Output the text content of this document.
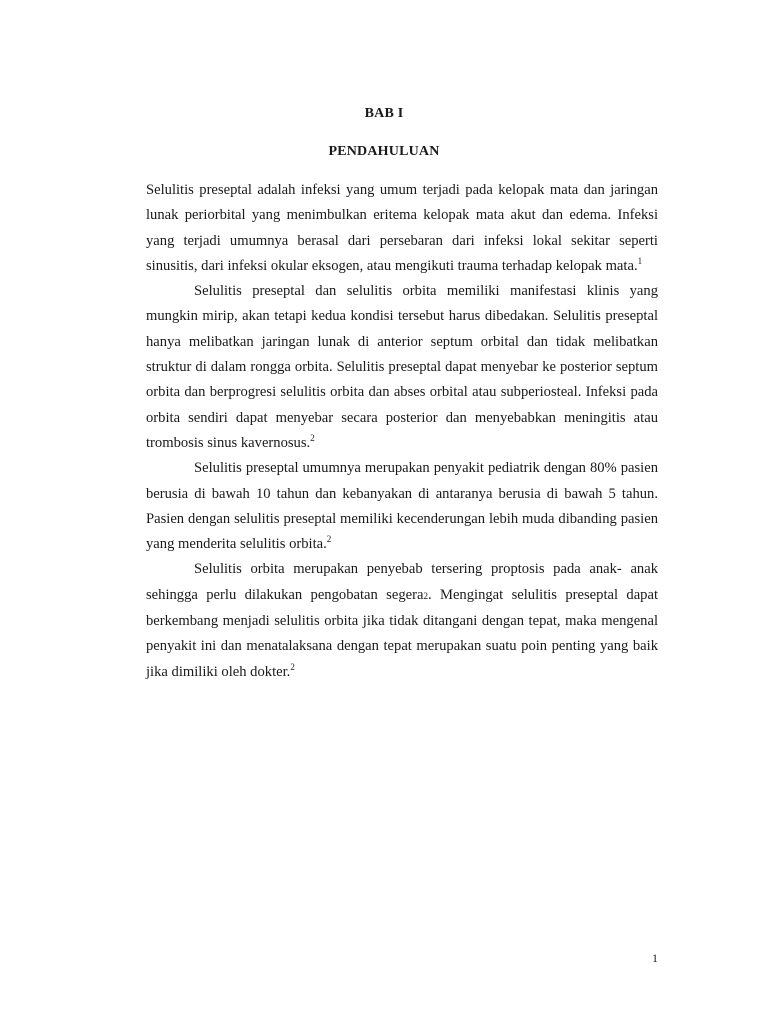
BAB I
PENDAHULUAN

Selulitis preseptal adalah infeksi yang umum terjadi pada kelopak mata dan jaringan lunak periorbital yang menimbulkan eritema kelopak mata akut dan edema. Infeksi yang terjadi umumnya berasal dari persebaran dari infeksi lokal sekitar seperti sinusitis, dari infeksi okular eksogen, atau mengikuti trauma terhadap kelopak mata.$^1$

Selulitis preseptal dan selulitis orbita memiliki manifestasi klinis yang mungkin mirip, akan tetapi kedua kondisi tersebut harus dibedakan. Selulitis preseptal hanya melibatkan jaringan lunak di anterior septum orbital dan tidak melibatkan struktur di dalam rongga orbita. Selulitis preseptal dapat menyebar ke posterior septum orbita dan berprogresi selulitis orbita dan abses orbital atau subperiosteal. Infeksi pada orbita sendiri dapat menyebar secara posterior dan menyebabkan meningitis atau trombosis sinus kavernosus.$^2$

Selulitis preseptal umumnya merupakan penyakit pediatrik dengan 80% pasien berusia di bawah 10 tahun dan kebanyakan di antaranya berusia di bawah 5 tahun. Pasien dengan selulitis preseptal memiliki kecenderungan lebih muda dibanding pasien yang menderita selulitis orbita.$^2$

Selulitis orbita merupakan penyebab tersering proptosis pada anak- anak sehingga perlu dilakukan pengobatan segera2. Mengingat selulitis preseptal dapat berkembang menjadi selulitis orbita jika tidak ditangani dengan tepat, maka mengenal penyakit ini dan menatalaksana dengan tepat merupakan suatu poin penting yang baik jika dimiliki oleh dokter.$^2$

1
